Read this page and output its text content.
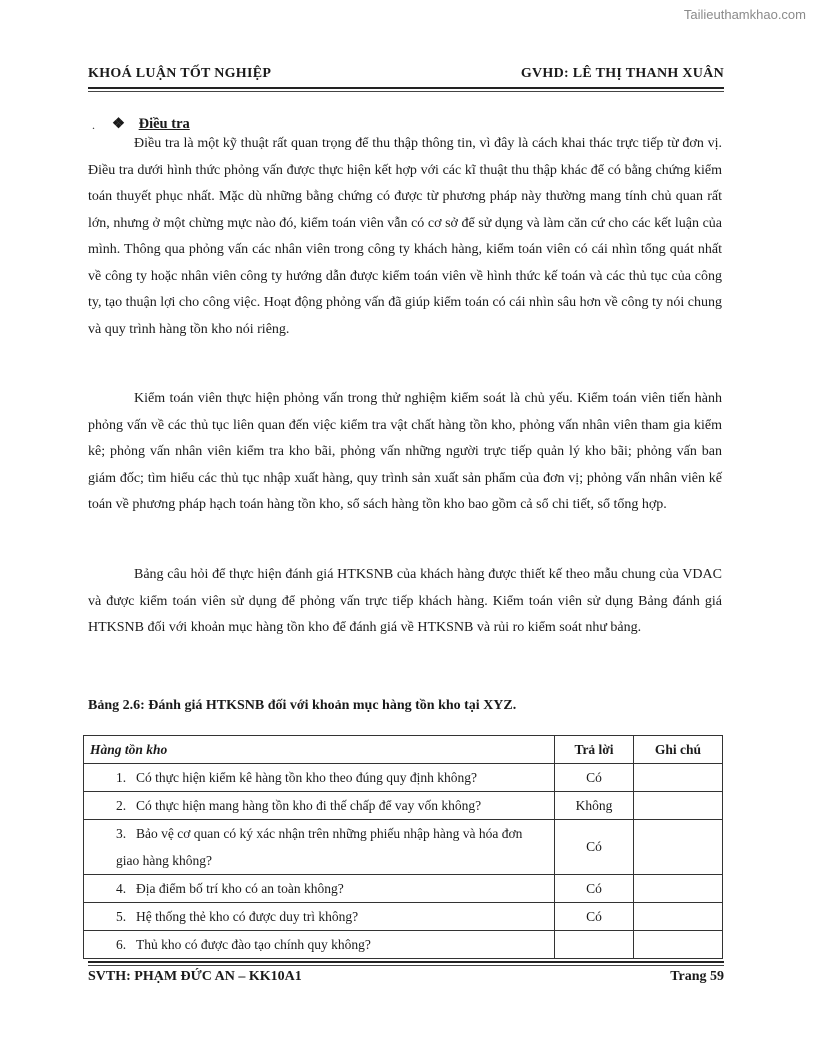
Tailieuthamkhao.com
KHOÁ LUẬN TỐT NGHIỆP	GVHD: LÊ THỊ THANH XUÂN
. ❖ Điều tra

Điều tra là một kỹ thuật rất quan trọng để thu thập thông tin, vì đây là cách khai thác trực tiếp từ đơn vị. Điều tra dưới hình thức phỏng vấn được thực hiện kết hợp với các kĩ thuật thu thập khác để có bằng chứng kiểm toán thuyết phục nhất. Mặc dù những bằng chứng có được từ phương pháp này thường mang tính chủ quan rất lớn, nhưng ở một chừng mực nào đó, kiểm toán viên vẫn có cơ sở để sử dụng và làm căn cứ cho các kết luận của mình. Thông qua phỏng vấn các nhân viên trong công ty khách hàng, kiểm toán viên có cái nhìn tổng quát nhất về công ty hoặc nhân viên công ty hướng dẫn được kiểm toán viên về hình thức kế toán và các thủ tục của công ty, tạo thuận lợi cho công việc. Hoạt động phỏng vấn đã giúp kiểm toán có cái nhìn sâu hơn về công ty nói chung và quy trình hàng tồn kho nói riêng.

Kiểm toán viên thực hiện phỏng vấn trong thử nghiệm kiểm soát là chủ yếu. Kiểm toán viên tiến hành phỏng vấn về các thủ tục liên quan đến việc kiểm tra vật chất hàng tồn kho, phỏng vấn nhân viên tham gia kiểm kê; phỏng vấn nhân viên kiểm tra kho bãi, phỏng vấn những người trực tiếp quản lý kho bãi; phỏng vấn ban giám đốc; tìm hiểu các thủ tục nhập xuất hàng, quy trình sản xuất sản phẩm của đơn vị; phỏng vấn nhân viên kế toán về phương pháp hạch toán hàng tồn kho, sổ sách hàng tồn kho bao gồm cả sổ chi tiết, sổ tổng hợp.

Bảng câu hỏi để thực hiện đánh giá HTKSNB của khách hàng được thiết kế theo mẫu chung của VDAC và được kiểm toán viên sử dụng để phỏng vấn trực tiếp khách hàng. Kiểm toán viên sử dụng Bảng đánh giá HTKSNB đối với khoản mục hàng tồn kho để đánh giá về HTKSNB và rủi ro kiểm soát như bảng.

Bảng 2.6: Đánh giá HTKSNB đối với khoản mục hàng tồn kho tại XYZ.
Hàng tồn kho	Trả lời	Ghi chú
1. Có thực hiện kiểm kê hàng tồn kho theo đúng quy định không?	Có	
2. Có thực hiện mang hàng tồn kho đi thế chấp để vay vốn không?	Không	
3. Bảo vệ cơ quan có ký xác nhận trên những phiếu nhập hàng và hóa đơn giao hàng không?	Có	
4. Địa điểm bố trí kho có an toàn không?	Có	
5. Hệ thống thẻ kho có được duy trì không?	Có	
6. Thủ kho có được đào tạo chính quy không?		
SVTH: PHẠM ĐỨC AN – KK10A1	Trang 59
